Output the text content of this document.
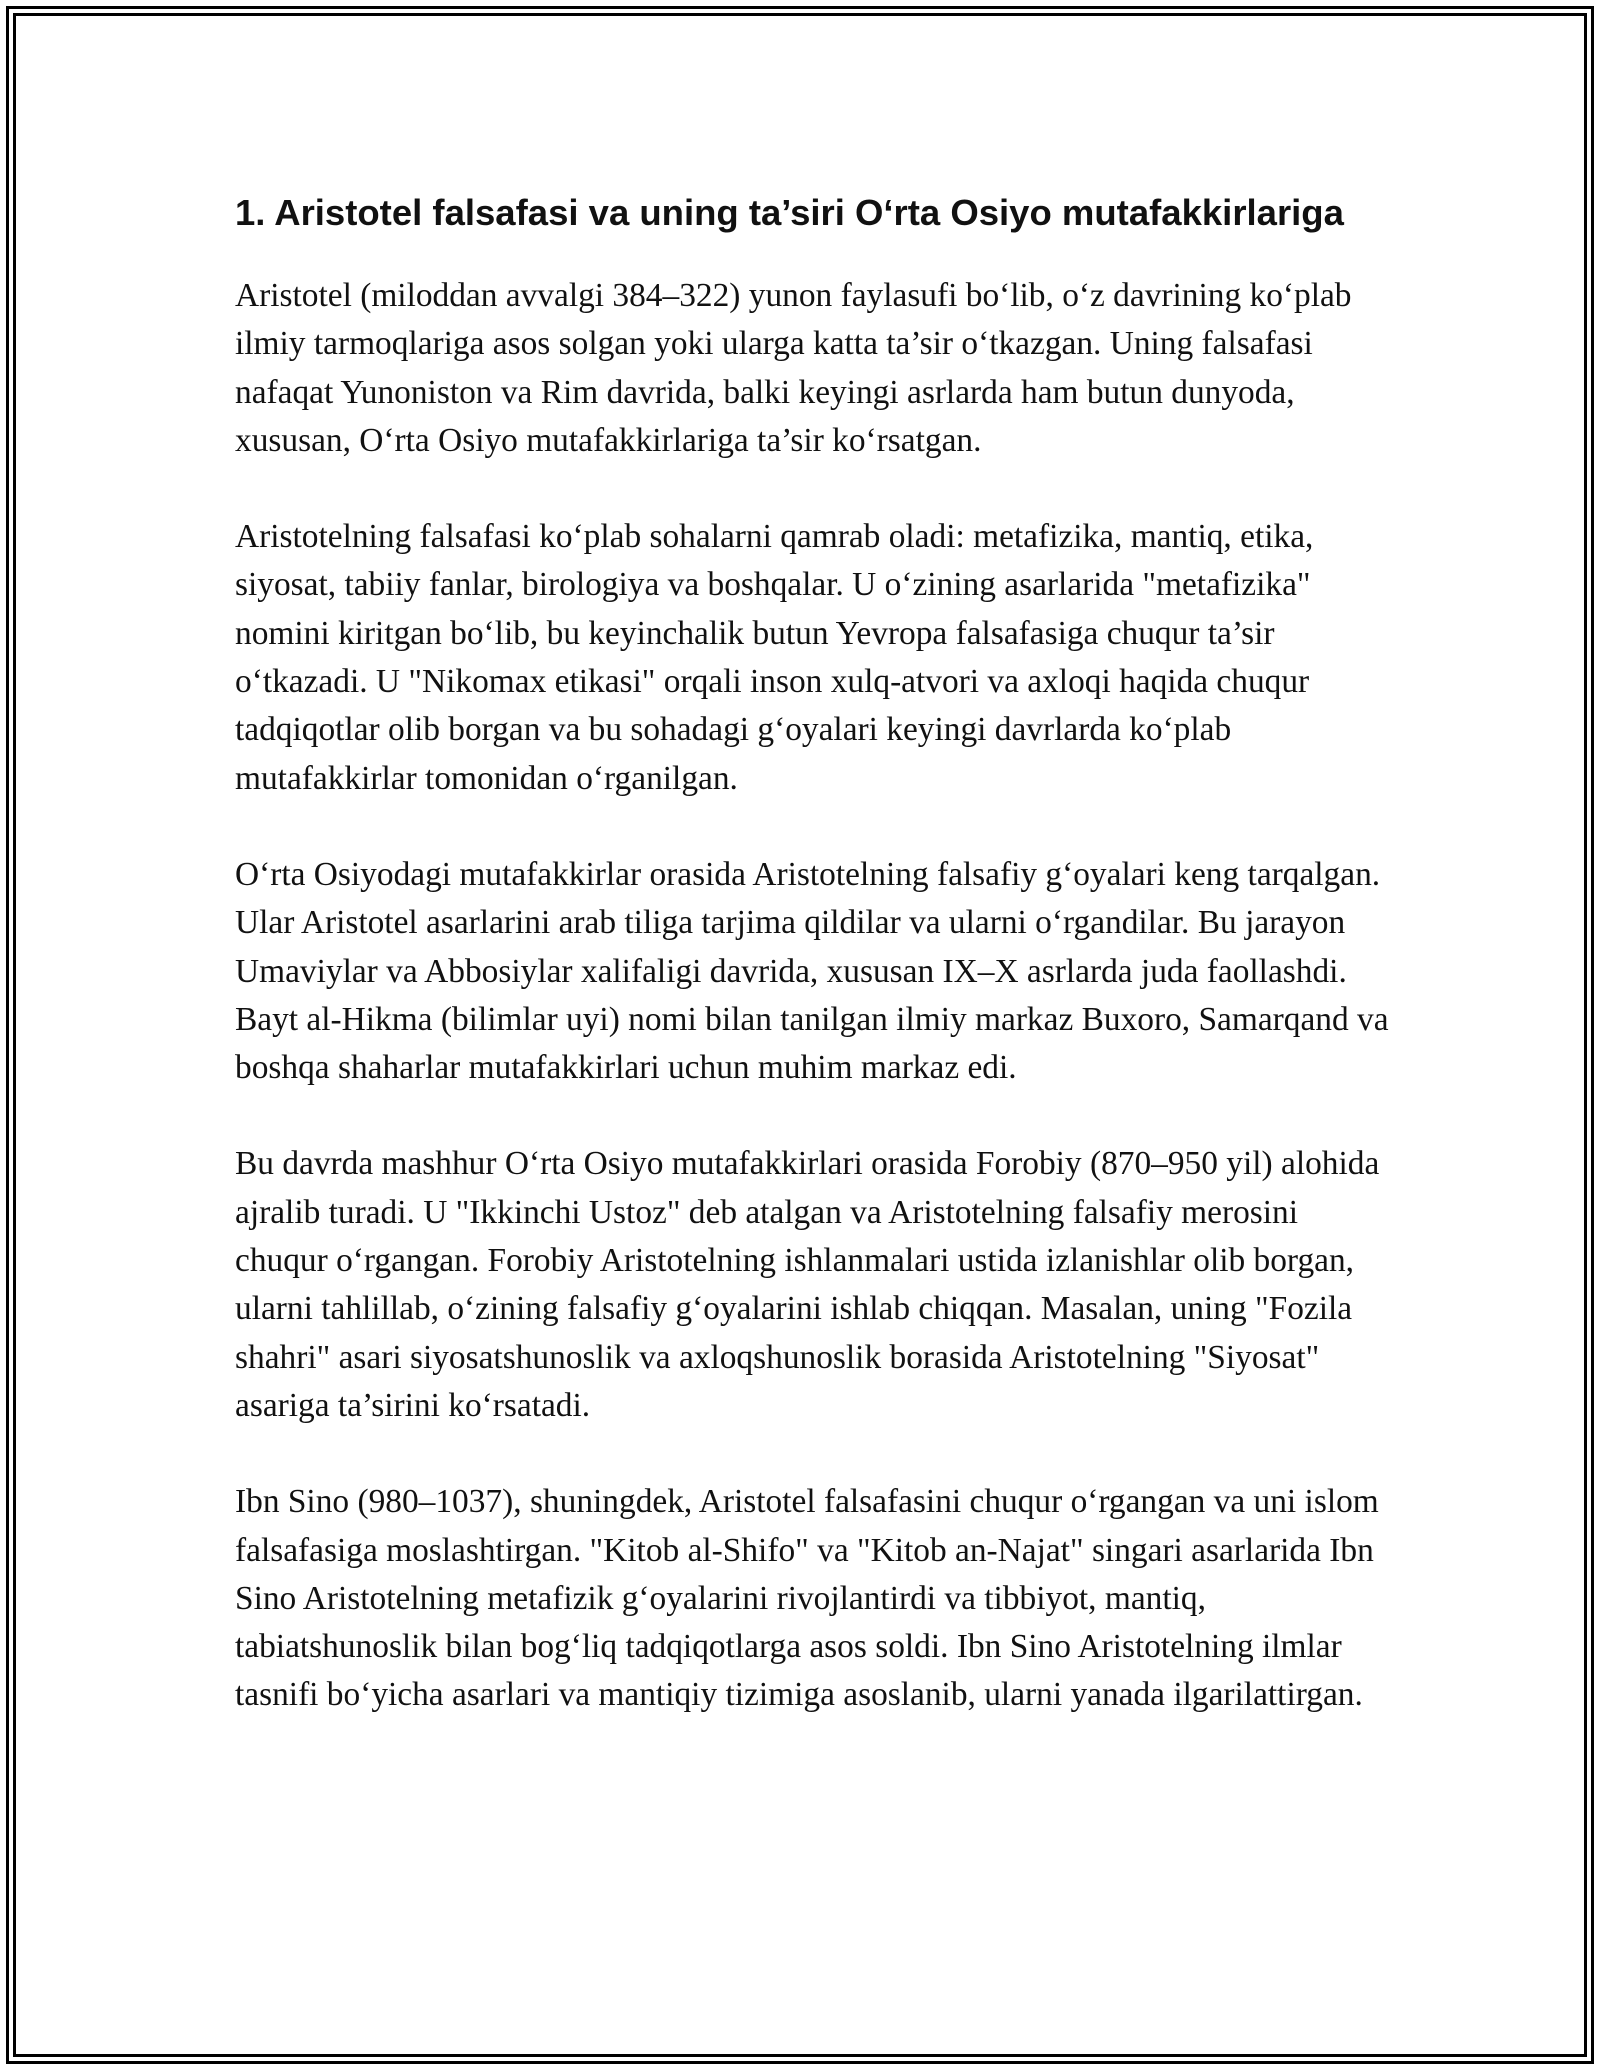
1. Aristotel falsafasi va uning ta’siri O‘rta Osiyo mutafakkirlariga

Aristotel (miloddan avvalgi 384–322) yunon faylasufi bo‘lib, o‘z davrining ko‘plab ilmiy tarmoqlariga asos solgan yoki ularga katta ta’sir o‘tkazgan. Uning falsafasi nafaqat Yunoniston va Rim davrida, balki keyingi asrlarda ham butun dunyoda, xususan, O‘rta Osiyo mutafakkirlariga ta’sir ko‘rsatgan.

Aristotelning falsafasi ko‘plab sohalarni qamrab oladi: metafizika, mantiq, etika, siyosat, tabiiy fanlar, birologiya va boshqalar. U o‘zining asarlarida "metafizika" nomini kiritgan bo‘lib, bu keyinchalik butun Yevropa falsafasiga chuqur ta’sir o‘tkazadi. U "Nikomax etikasi" orqali inson xulq-atvori va axloqi haqida chuqur tadqiqotlar olib borgan va bu sohadagi g‘oyalari keyingi davrlarda ko‘plab mutafakkirlar tomonidan o‘rganilgan.

O‘rta Osiyodagi mutafakkirlar orasida Aristotelning falsafiy g‘oyalari keng tarqalgan. Ular Aristotel asarlarini arab tiliga tarjima qildilar va ularni o‘rgandilar. Bu jarayon Umaviylar va Abbosiylar xalifaligi davrida, xususan IX–X asrlarda juda faollashdi. Bayt al-Hikma (bilimlar uyi) nomi bilan tanilgan ilmiy markaz Buxoro, Samarqand va boshqa shaharlar mutafakkirlari uchun muhim markaz edi.

Bu davrda mashhur O‘rta Osiyo mutafakkirlari orasida Forobiy (870–950 yil) alohida ajralib turadi. U "Ikkinchi Ustoz" deb atalgan va Aristotelning falsafiy merosini chuqur o‘rgangan. Forobiy Aristotelning ishlanmalari ustida izlanishlar olib borgan, ularni tahlillab, o‘zining falsafiy g‘oyalarini ishlab chiqqan. Masalan, uning "Fozila shahri" asari siyosatshunoslik va axloqshunoslik borasida Aristotelning "Siyosat" asariga ta’sirini ko‘rsatadi.

Ibn Sino (980–1037), shuningdek, Aristotel falsafasini chuqur o‘rgangan va uni islom falsafasiga moslashtirgan. "Kitob al-Shifo" va "Kitob an-Najat" singari asarlarida Ibn Sino Aristotelning metafizik g‘oyalarini rivojlantirdi va tibbiyot, mantiq, tabiatshunoslik bilan bog‘liq tadqiqotlarga asos soldi. Ibn Sino Aristotelning ilmlar tasnifi bo‘yicha asarlari va mantiqiy tizimiga asoslanib, ularni yanada ilgarilattirgan.
